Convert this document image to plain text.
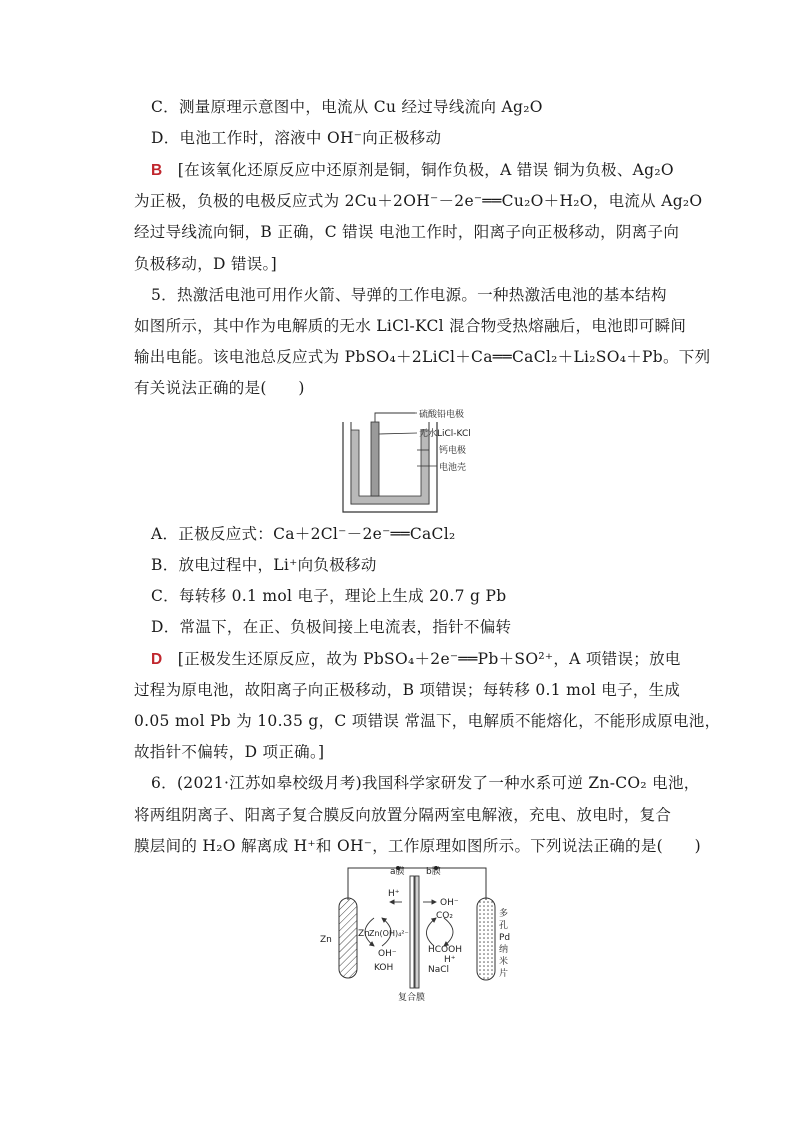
C．测量原理示意图中，电流从 Cu 经过导线流向 Ag₂O
D．电池工作时，溶液中 OH⁻向正极移动
B [在该氧化还原反应中还原剂是铜，铜作负极，A 错误 铜为负极、Ag₂O
为正极，负极的电极反应式为 2Cu＋2OH⁻－2e⁻══Cu₂O＋H₂O，电流从 Ag₂O
经过导线流向铜，B 正确，C 错误 电池工作时，阳离子向正极移动，阴离子向
负极移动，D 错误。]
5．热激活电池可用作火箭、导弹的工作电源。一种热激活电池的基本结构
如图所示，其中作为电解质的无水 LiCl-KCl 混合物受热熔融后，电池即可瞬间
输出电能。该电池总反应式为 PbSO₄＋2LiCl＋Ca══CaCl₂＋Li₂SO₄＋Pb。下列
有关说法正确的是(　　)
硫酸铅电极
无水LiCl-KCl
钙电极
电池壳
A．正极反应式：Ca＋2Cl⁻－2e⁻══CaCl₂
B．放电过程中，Li⁺向负极移动
C．每转移 0.1 mol 电子，理论上生成 20.7 g Pb
D．常温下，在正、负极间接上电流表，指针不偏转
D [正极发生还原反应，故为 PbSO₄＋2e⁻══Pb＋SO²⁺，A 项错误；放电
过程为原电池，故阳离子向正极移动，B 项错误；每转移 0.1 mol 电子，生成
0.05 mol Pb 为 10.35 g，C 项错误 常温下，电解质不能熔化，不能形成原电池，
故指针不偏转，D 项正确。]
6．(2021·江苏如皋校级月考)我国科学家研发了一种水系可逆 Zn-CO₂ 电池，
将两组阴离子、阳离子复合膜反向放置分隔两室电解液，充电、放电时，复合
膜层间的 H₂O 解离成 H⁺和 OH⁻，工作原理如图所示。下列说法正确的是(　　)
a膜 b膜
H⁺
OH⁻
CO₂
Zn Zn(OH)₄²⁻
Zn
HCOOH
H⁺
OH⁻
KOH	NaCl
复合膜
多
孔
Pd
纳
米
片
